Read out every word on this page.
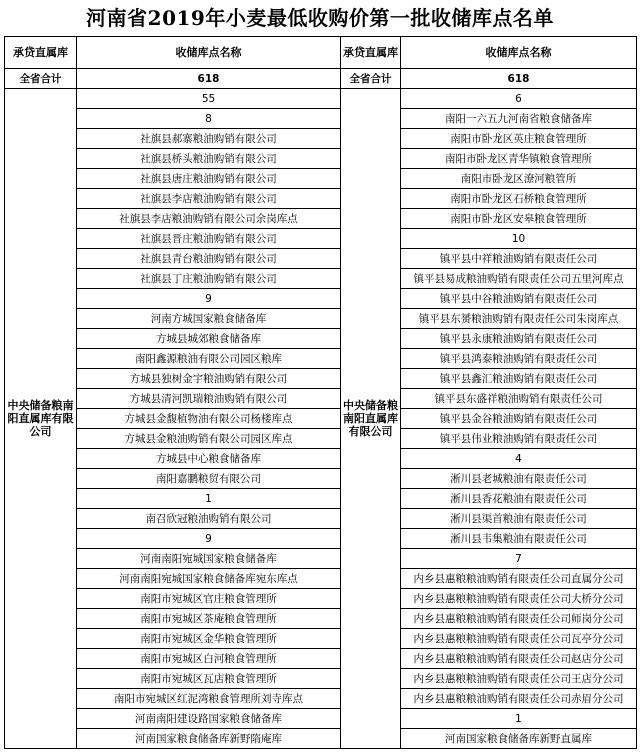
河南省2019年小麦最低收购价第一批收储库点名单
承贷直属库	收储库点名称	承贷直属库	收储库点名称
全省合计	618	全省合计	618
中央储备粮南阳直属库有限公司	55	中央储备粮南阳直属库有限公司	6
	8		南阳一六五九河南省粮食储备库
	社旗县郝寨粮油购销有限公司		南阳市卧龙区英庄粮食管理所
	社旗县桥头粮油购销有限公司		南阳市卧龙区青华镇粮食管理所
	社旗县唐庄粮油购销有限公司		南阳市卧龙区潦河粮管所
	社旗县李店粮油购销有限公司		南阳市卧龙区石桥粮食管理所
	社旗县李店粮油购销有限公司余岗库点		南阳市卧龙区安皋粮食管理所
	社旗县晋庄粮油购销有限公司		10
	社旗县青台粮油购销有限公司		镇平县中祥粮油购销有限责任公司
	社旗县丁庄粮油购销有限公司		镇平县易成粮油购销有限责任公司五里河库点
	9		镇平县中谷粮油购销有限责任公司
	河南方城国家粮食储备库		镇平县东赟粮油购销有限责任公司朱岗库点
	方城县城郊粮食储备库		镇平县永康粮油购销有限责任公司
	南阳鑫源粮油有限公司园区粮库		镇平县鸿泰粮油购销有限责任公司
	方城县独树金宇粮油购销有限公司		镇平县鑫汇粮油购销有限责任公司
	方城县清河凯瑞粮油购销有限公司		镇平县东盛祥粮油购销有限责任公司
	方城县金馥植物油有限公司杨楼库点		镇平县金谷粮油购销有限责任公司
	方城县金粮油购销有限公司园区库点		镇平县伟业粮油购销有限责任公司
	方城县中心粮食储备库		4
	南阳嘉鹏粮贸有限公司		淅川县老城粮油有限责任公司
	1		淅川县香花粮油有限责任公司
	南召欣冠粮油购销有限公司		淅川县渠首粮油有限责任公司
	9		淅川县韦集粮油有限责任公司
	河南南阳宛城国家粮食储备库		7
	河南南阳宛城国家粮食储备库宛东库点		内乡县惠粮粮油购销有限责任公司直属分公司
	南阳市宛城区官庄粮食管理所		内乡县惠粮粮油购销有限责任公司大桥分公司
	南阳市宛城区茶庵粮食管理所		内乡县惠粮粮油购销有限责任公司师岗分公司
	南阳市宛城区金华粮食管理所		内乡县惠粮粮油购销有限责任公司瓦亭分公司
	南阳市宛城区白河粮食管理所		内乡县惠粮粮油购销有限责任公司赵店分公司
	南阳市宛城区瓦店粮食管理所		内乡县惠粮粮油购销有限责任公司王店分公司
	南阳市宛城区红泥湾粮食管理所刘寺库点		内乡县惠粮粮油购销有限责任公司赤眉分公司
	河南南阳建设路国家粮食储备库		1
	河南国家粮食储备库新野隋庵库		河南国家粮食储备库新野直属库
